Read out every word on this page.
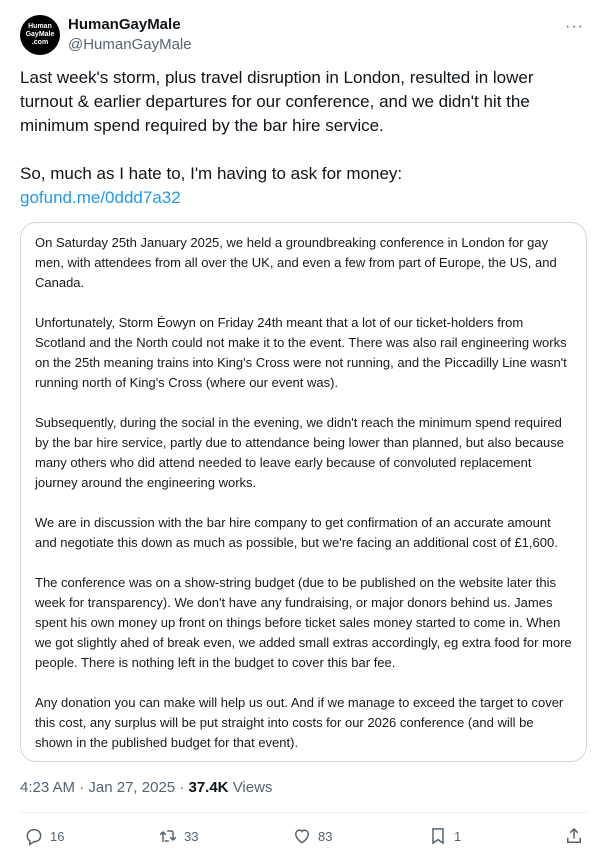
Human
GayMale
.com
HumanGayMale
@HumanGayMale
···

Last week's storm, plus travel disruption in London, resulted in lower turnout & earlier departures for our conference, and we didn't hit the minimum spend required by the bar hire service.

So, much as I hate to, I'm having to ask for money:

gofund.me/0ddd7a32

On Saturday 25th January 2025, we held a groundbreaking conference in London for gay men, with attendees from all over the UK, and even a few from part of Europe, the US, and Canada.

Unfortunately, Storm Éowyn on Friday 24th meant that a lot of our ticket-holders from Scotland and the North could not make it to the event. There was also rail engineering works on the 25th meaning trains into King's Cross were not running, and the Piccadilly Line wasn't running north of King's Cross (where our event was).

Subsequently, during the social in the evening, we didn't reach the minimum spend required by the bar hire service, partly due to attendance being lower than planned, but also because many others who did attend needed to leave early because of convoluted replacement journey around the engineering works.

We are in discussion with the bar hire company to get confirmation of an accurate amount and negotiate this down as much as possible, but we're facing an additional cost of £1,600.

The conference was on a show-string budget (due to be published on the website later this week for transparency). We don't have any fundraising, or major donors behind us. James spent his own money up front on things before ticket sales money started to come in. When we got slightly ahed of break even, we added small extras accordingly, eg extra food for more people. There is nothing left in the budget to cover this bar fee.

Any donation you can make will help us out. And if we manage to exceed the target to cover this cost, any surplus will be put straight into costs for our 2026 conference (and will be shown in the published budget for that event).

4:23 AM · Jan 27, 2025 · 37.4K Views
16	33	83	1
